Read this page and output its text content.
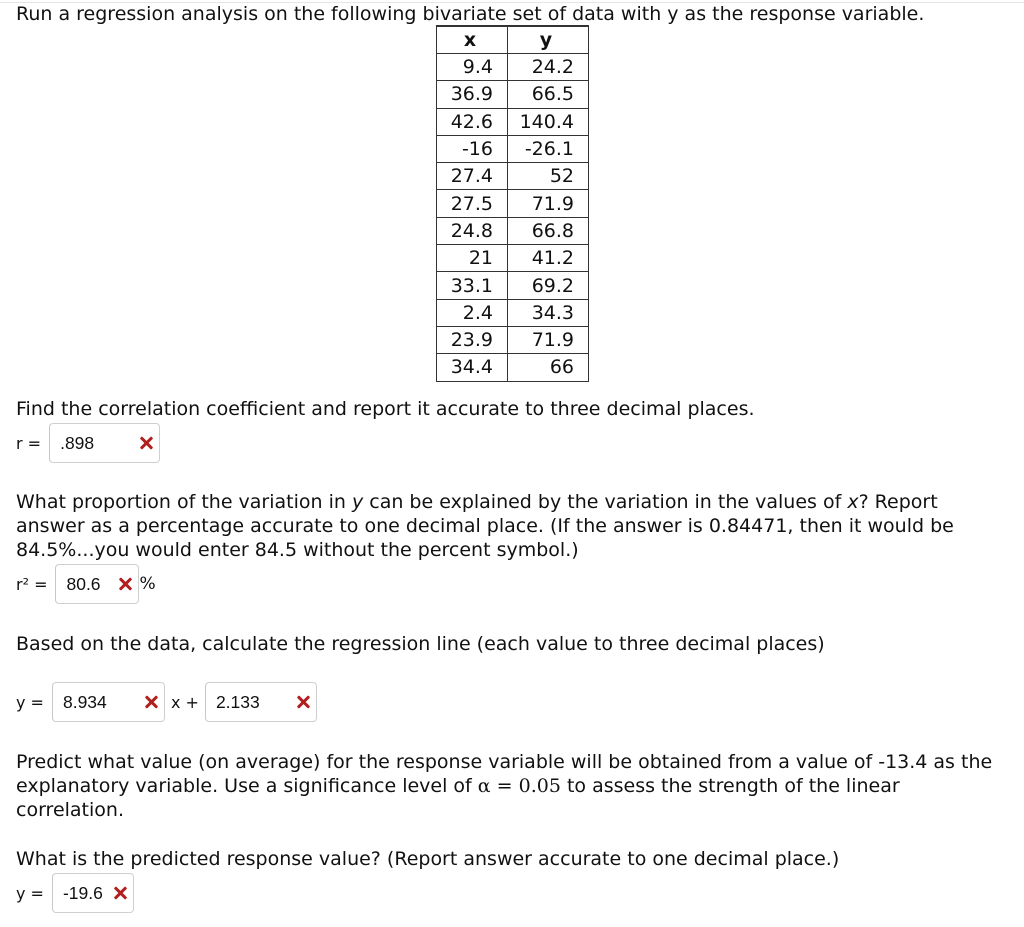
Run a regression analysis on the following bivariate set of data with y as the response variable.

x	y
9.4	24.2
36.9	66.5
42.6	140.4
-16	-26.1
27.4	52
27.5	71.9
24.8	66.8
21	41.2
33.1	69.2
2.4	34.3
23.9	71.9
34.4	66

Find the correlation coefficient and report it accurate to three decimal places.

r = .898

What proportion of the variation in y can be explained by the variation in the values of x? Report answer as a percentage accurate to one decimal place. (If the answer is 0.84471, then it would be 84.5%...you would enter 84.5 without the percent symbol.)

r² = 80.6 %

Based on the data, calculate the regression line (each value to three decimal places)

y = 8.934	x + 2.133

Predict what value (on average) for the response variable will be obtained from a value of -13.4 as the explanatory variable. Use a significance level of α = 0.05 to assess the strength of the linear correlation.

What is the predicted response value? (Report answer accurate to one decimal place.)

y = -19.6
